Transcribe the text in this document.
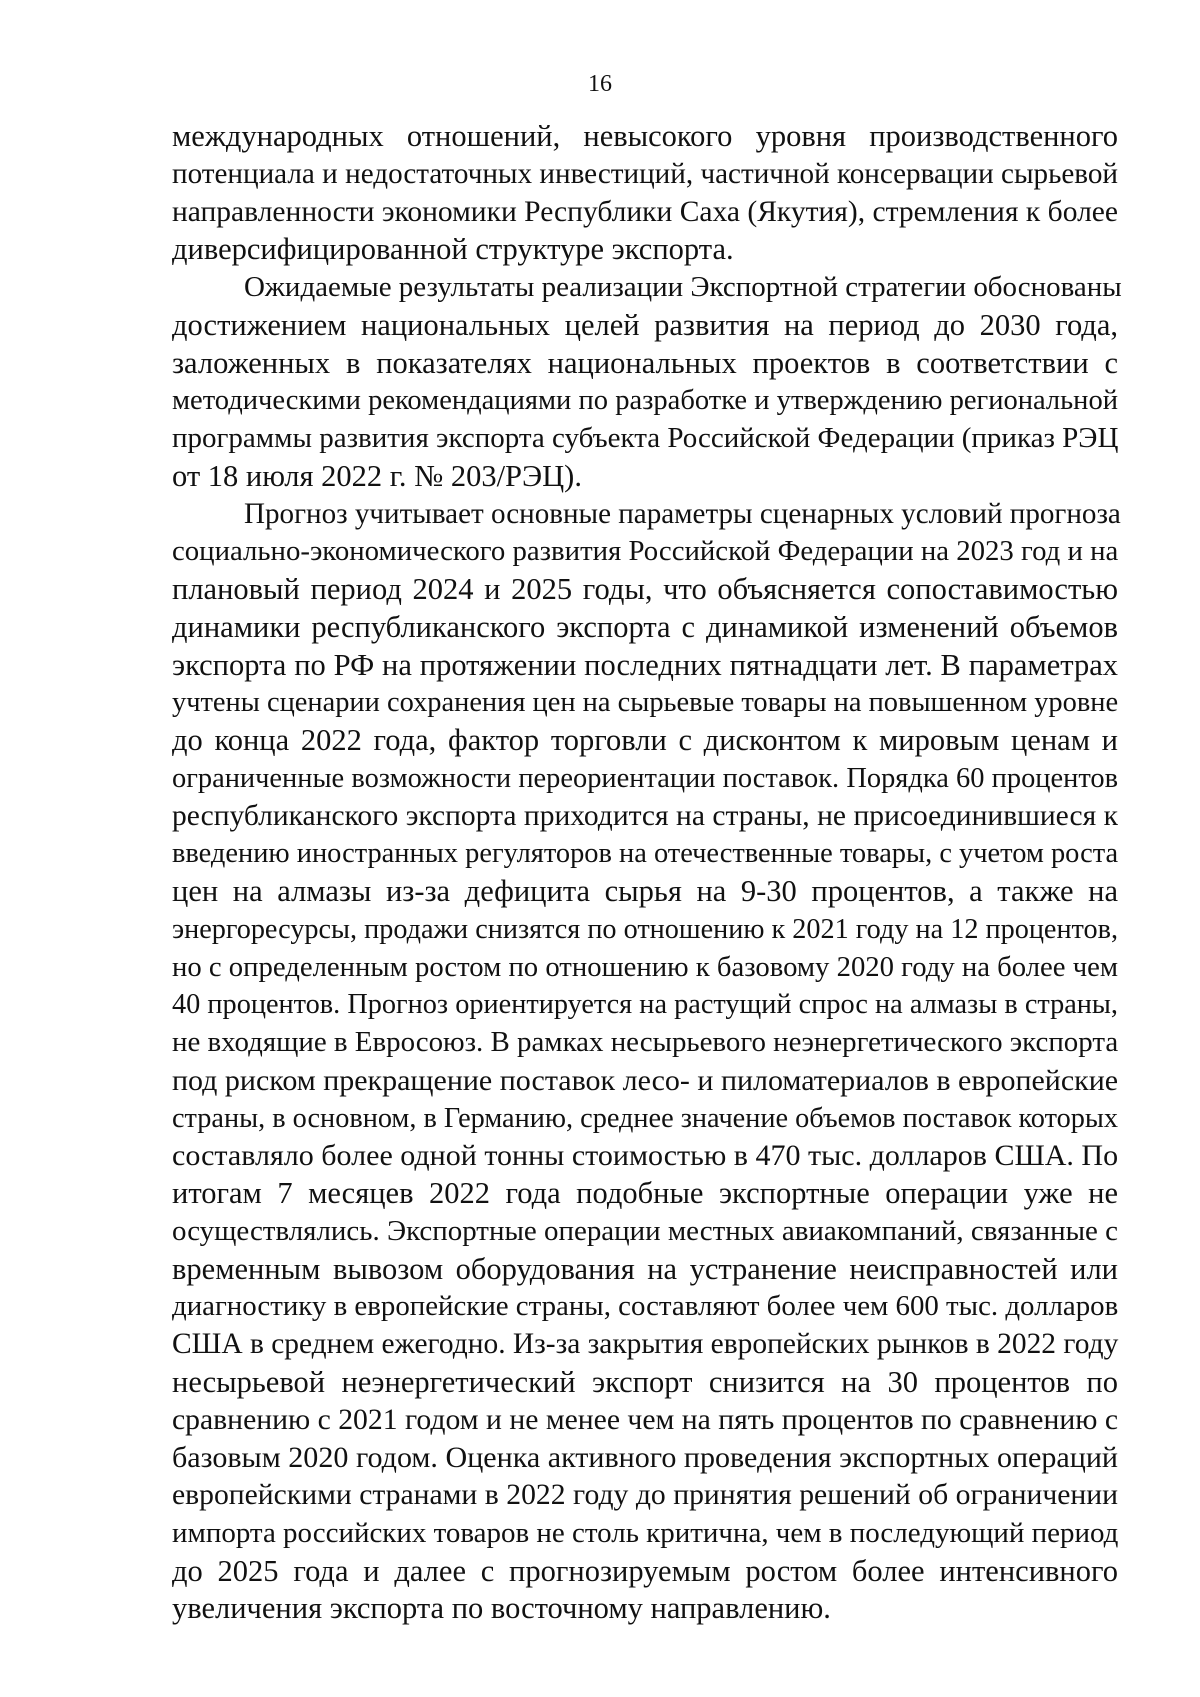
16

международных отношений, невысокого уровня производственного
потенциала и недостаточных инвестиций, частичной консервации сырьевой
направленности экономики Республики Саха (Якутия), стремления к более
диверсифицированной структуре экспорта.

Ожидаемые результаты реализации Экспортной стратегии обоснованы
достижением национальных целей развития на период до 2030 года,
заложенных в показателях национальных проектов в соответствии с
методическими рекомендациями по разработке и утверждению региональной
программы развития экспорта субъекта Российской Федерации (приказ РЭЦ
от 18 июля 2022 г. № 203/РЭЦ).

Прогноз учитывает основные параметры сценарных условий прогноза
социально-экономического развития Российской Федерации на 2023 год и на
плановый период 2024 и 2025 годы, что объясняется сопоставимостью
динамики республиканского экспорта с динамикой изменений объемов
экспорта по РФ на протяжении последних пятнадцати лет. В параметрах
учтены сценарии сохранения цен на сырьевые товары на повышенном уровне
до конца 2022 года, фактор торговли с дисконтом к мировым ценам и
ограниченные возможности переориентации поставок. Порядка 60 процентов
республиканского экспорта приходится на страны, не присоединившиеся к
введению иностранных регуляторов на отечественные товары, с учетом роста
цен на алмазы из-за дефицита сырья на 9-30 процентов, а также на
энергоресурсы, продажи снизятся по отношению к 2021 году на 12 процентов,
но с определенным ростом по отношению к базовому 2020 году на более чем
40 процентов. Прогноз ориентируется на растущий спрос на алмазы в страны,
не входящие в Евросоюз. В рамках несырьевого неэнергетического экспорта
под риском прекращение поставок лесо- и пиломатериалов в европейские
страны, в основном, в Германию, среднее значение объемов поставок которых
составляло более одной тонны стоимостью в 470 тыс. долларов США. По
итогам 7 месяцев 2022 года подобные экспортные операции уже не
осуществлялись. Экспортные операции местных авиакомпаний, связанные с
временным вывозом оборудования на устранение неисправностей или
диагностику в европейские страны, составляют более чем 600 тыс. долларов
США в среднем ежегодно. Из-за закрытия европейских рынков в 2022 году
несырьевой неэнергетический экспорт снизится на 30 процентов по
сравнению с 2021 годом и не менее чем на пять процентов по сравнению с
базовым 2020 годом. Оценка активного проведения экспортных операций
европейскими странами в 2022 году до принятия решений об ограничении
импорта российских товаров не столь критична, чем в последующий период
до 2025 года и далее с прогнозируемым ростом более интенсивного
увеличения экспорта по восточному направлению.
